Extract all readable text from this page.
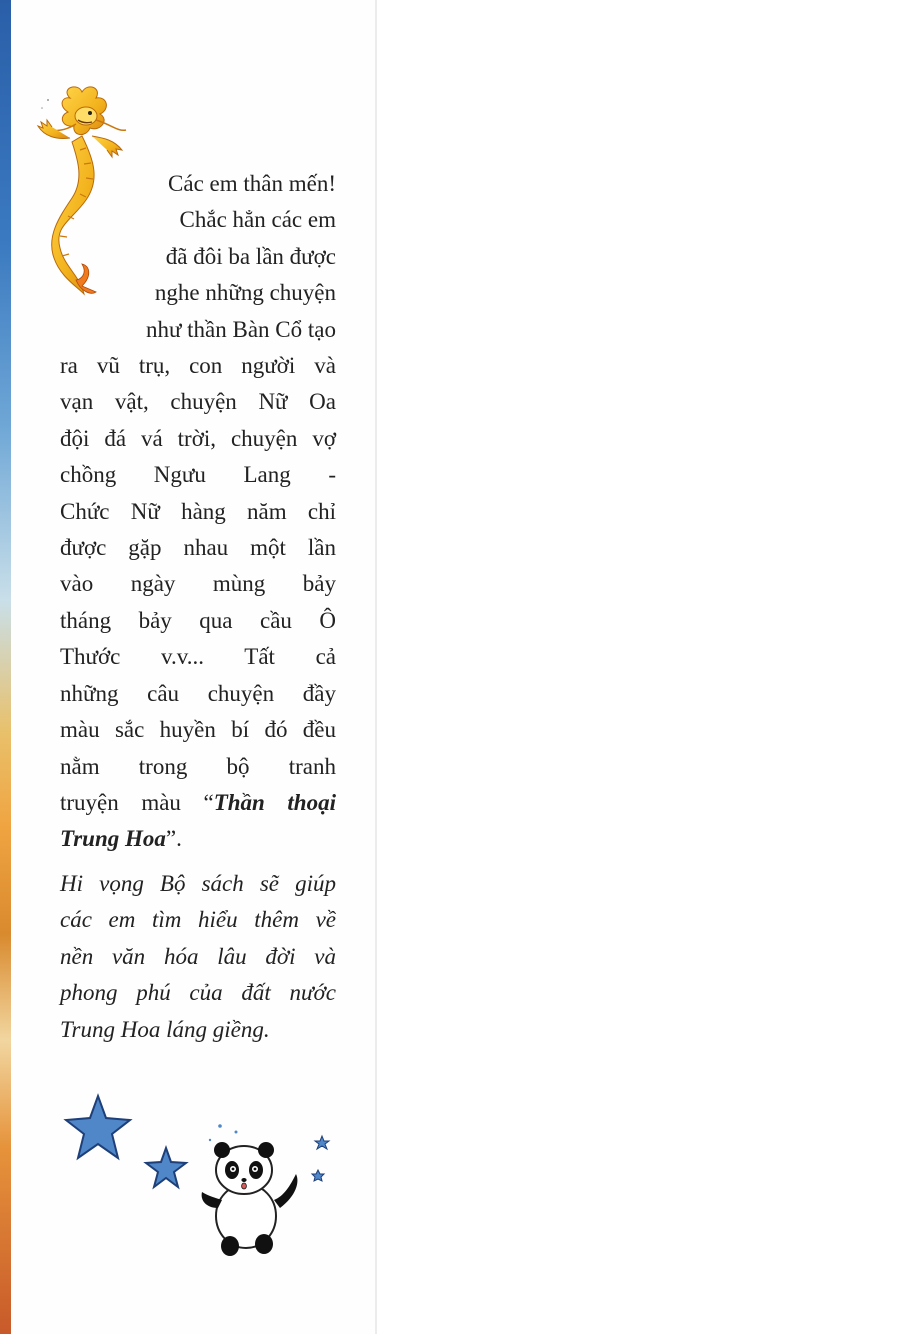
Các em thân mến!
Chắc hẳn các em
đã đôi ba lần được
nghe những chuyện
như thần Bàn Cổ tạo
ra vũ trụ, con người và
vạn vật, chuyện Nữ Oa
đội đá vá trời, chuyện vợ
chồng Ngưu Lang -
Chức Nữ hàng năm chỉ
được gặp nhau một lần
vào ngày mùng bảy
tháng bảy qua cầu Ô
Thước v.v... Tất cả
những câu chuyện đầy
màu sắc huyền bí đó đều
nằm trong bộ tranh
truyện màu “Thần thoại
Trung Hoa”.
Hi vọng Bộ sách sẽ giúp
các em tìm hiểu thêm về
nền văn hóa lâu đời và
phong phú của đất nước
Trung Hoa láng giềng.
